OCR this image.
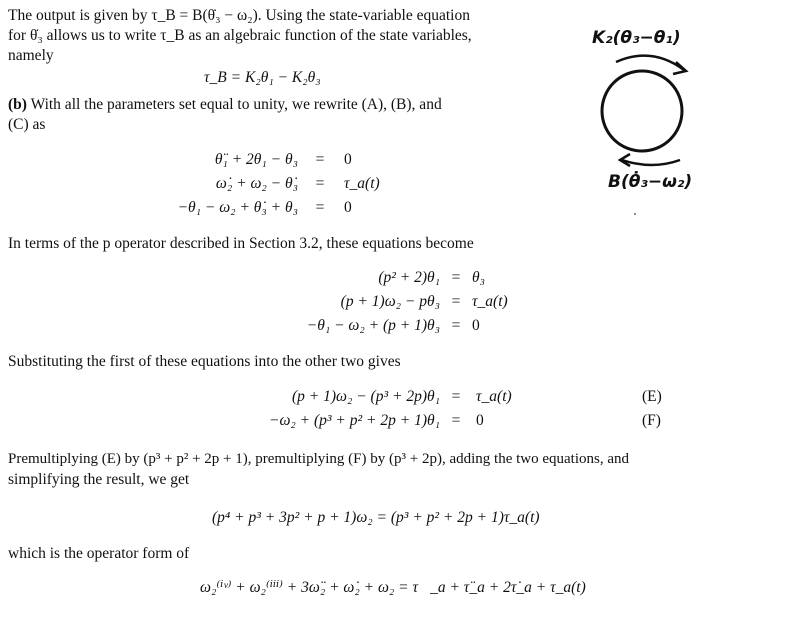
The output is given by τ_B = B(θ̇₃ − ω₂). Using the state-variable equation
for θ̇₃ allows us to write τ_B as an algebraic function of the state variables,
namely
τ_B = K₂θ₁ − K₂θ₃
(b) With all the parameters set equal to unity, we rewrite (A), (B), and
(C) as
θ̈₁ + 2θ₁ − θ₃ = 0
ω̇₂ + ω₂ − θ̇₃ = τ_a(t)
−θ₁ − ω₂ + θ̇₃ + θ₃ = 0
In terms of the p operator described in Section 3.2, these equations become
(p² + 2)θ₁ = θ₃
(p + 1)ω₂ − pθ₃ = τ_a(t)
−θ₁ − ω₂ + (p + 1)θ₃ = 0
Substituting the first of these equations into the other two gives
(p + 1)ω₂ − (p³ + 2p)θ₁ = τ_a(t)	(E)
−ω₂ + (p³ + p² + 2p + 1)θ₁ = 0	(F)
Premultiplying (E) by (p³ + p² + 2p + 1), premultiplying (F) by (p³ + 2p), adding the two equations, and
simplifying the result, we get
(p⁴ + p³ + 3p² + p + 1)ω₂ = (p³ + p² + 2p + 1)τ_a(t)
which is the operator form of
ω₂⁽ⁱᵛ⁾ + ω₂⁽ⁱⁱⁱ⁾ + 3ω̈₂ + ω̇₂ + ω₂ = τ⃛_a + τ̈_a + 2τ̇_a + τ_a(t)
K₂(θ₃−θ₁)
B(θ̇₃−ω₂)
